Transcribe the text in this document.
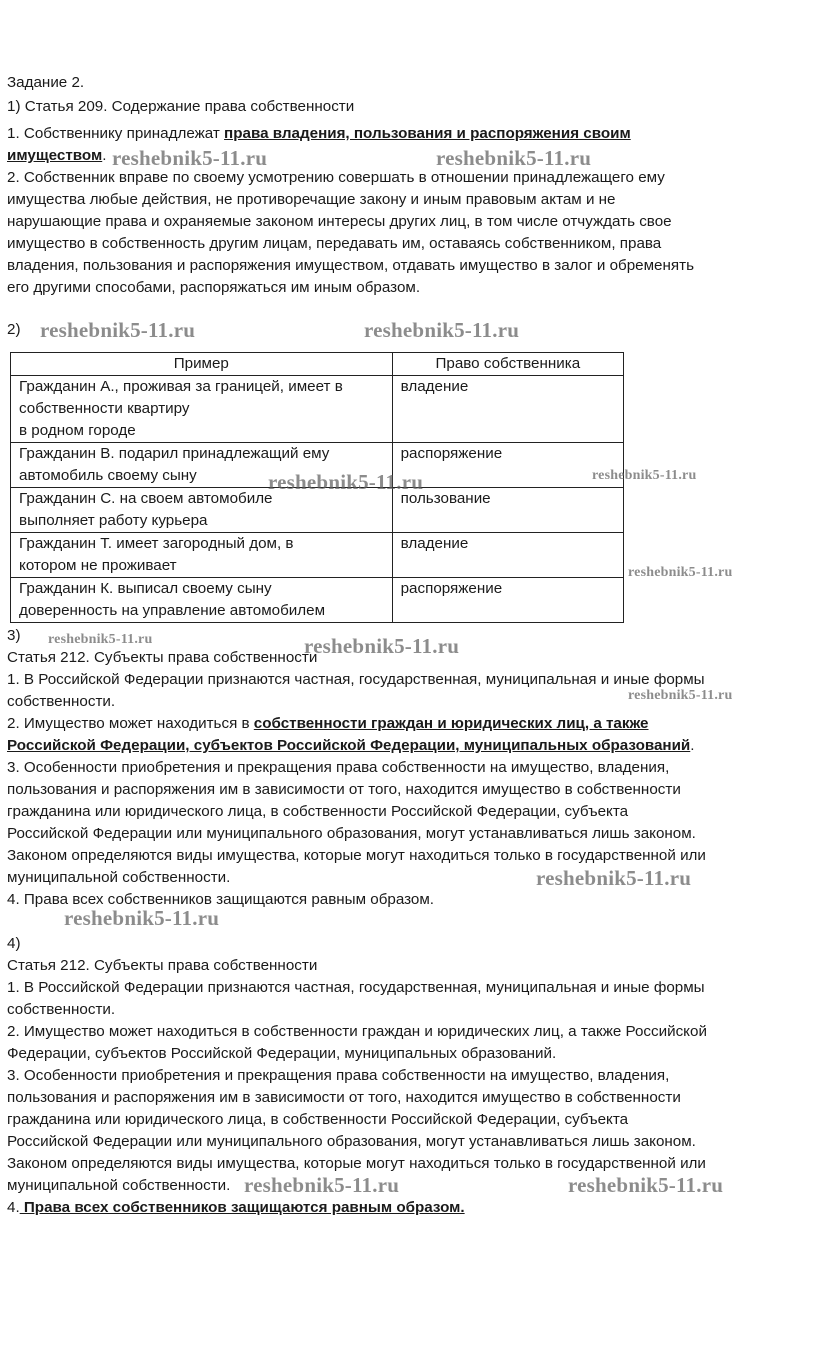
Задание 2.
1) Статья 209. Содержание права собственности
1. Собственнику принадлежат права владения, пользования и распоряжения своим
имуществом.
2. Собственник вправе по своему усмотрению совершать в отношении принадлежащего ему
имущества любые действия, не противоречащие закону и иным правовым актам и не
нарушающие права и охраняемые законом интересы других лиц, в том числе отчуждать свое
имущество в собственность другим лицам, передавать им, оставаясь собственником, права
владения, пользования и распоряжения имуществом, отдавать имущество в залог и обременять
его другими способами, распоряжаться им иным образом.
2)
Пример	Право собственника

Гражданин А., проживая за границей, имеет в
собственности квартиру
в родном городе	владение

Гражданин В. подарил принадлежащий ему
автомобиль своему сыну	распоряжение

Гражданин С. на своем автомобиле
выполняет работу курьера	пользование

Гражданин Т. имеет загородный дом, в
котором не проживает	владение

Гражданин К. выписал своему сыну
доверенность на управление автомобилем	распоряжение
3)
Статья 212. Субъекты права собственности
1. В Российской Федерации признаются частная, государственная, муниципальная и иные формы
собственности.
2. Имущество может находиться в собственности граждан и юридических лиц, а также
Российской Федерации, субъектов Российской Федерации, муниципальных образований.
3. Особенности приобретения и прекращения права собственности на имущество, владения,
пользования и распоряжения им в зависимости от того, находится имущество в собственности
гражданина или юридического лица, в собственности Российской Федерации, субъекта
Российской Федерации или муниципального образования, могут устанавливаться лишь законом.
Законом определяются виды имущества, которые могут находиться только в государственной или
муниципальной собственности.
4. Права всех собственников защищаются равным образом.
4)
Статья 212. Субъекты права собственности
1. В Российской Федерации признаются частная, государственная, муниципальная и иные формы
собственности.
2. Имущество может находиться в собственности граждан и юридических лиц, а также Российской
Федерации, субъектов Российской Федерации, муниципальных образований.
3. Особенности приобретения и прекращения права собственности на имущество, владения,
пользования и распоряжения им в зависимости от того, находится имущество в собственности
гражданина или юридического лица, в собственности Российской Федерации, субъекта
Российской Федерации или муниципального образования, могут устанавливаться лишь законом.
Законом определяются виды имущества, которые могут находиться только в государственной или
муниципальной собственности.
4. Права всех собственников защищаются равным образом.
reshebnik5-11.ru	reshebnik5-11.ru
reshebnik5-11.ru	reshebnik5-11.ru
reshebnik5-11.ru	reshebnik5-11.ru
reshebnik5-11.ru
reshebnik5-11.ru	reshebnik5-11.ru
reshebnik5-11.ru
reshebnik5-11.ru
reshebnik5-11.ru
reshebnik5-11.ru	reshebnik5-11.ru
